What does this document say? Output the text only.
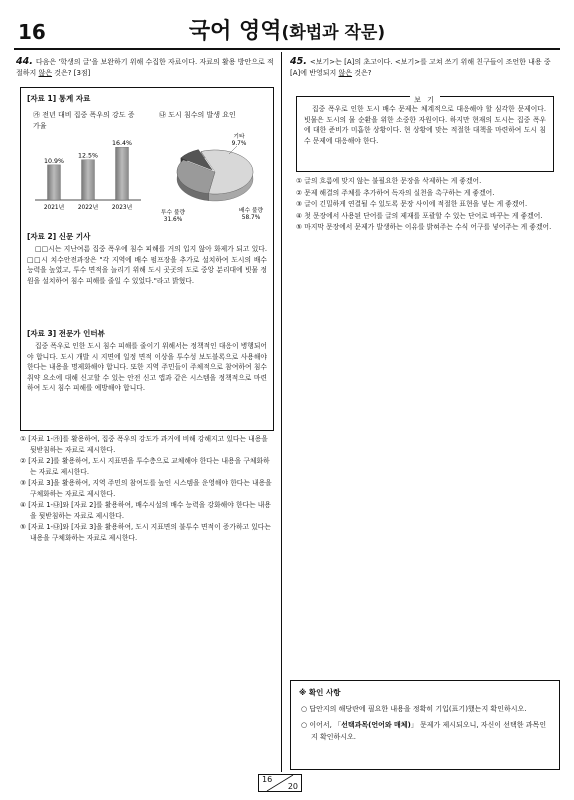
16	국어 영역(화법과 작문)
44. 다음은 '학생의 글'을 보완하기 위해 수집한 자료이다. 자료의 활용 방안으로 적절하지 않은 것은? [3점]
[자료 1] 통계 자료
㉮ 전년 대비 집중 폭우의 강도 증가율
㉯ 도시 침수의 발생 요인
10.9%
2021년
12.5%
2022년
16.4%
2023년	배수 불량
58.7%
투수 불량
31.6%
기타
9.7%
[자료 2] 신문 기사

□□시는 지난여름 집중 폭우에 침수 피해를 거의 입지 않아 화제가 되고 있다. □□시 치수안전과장은 "각 지역에 배수 펌프장을 추가로 설치하여 도시의 배수 능력을 높였고, 투수 면적을 늘리기 위해 도시 곳곳의 도로 중앙 분리대에 빗물 정원을 설치하여 침수 피해를 줄일 수 있었다."라고 밝혔다.

[자료 3] 전문가 인터뷰

집중 폭우로 인한 도시 침수 피해를 줄이기 위해서는 정책적인 대응이 병행되어야 합니다. 도시 개발 시 지면에 일정 면적 이상을 투수성 보도블록으로 사용해야 한다는 내용을 명제화해야 합니다. 또한 지역 주민들이 주체적으로 참여하여 침수 취약 요소에 대해 신고할 수 있는 안전 신고 앱과 같은 시스템을 정책적으로 마련하여 도시 침수 피해를 예방해야 합니다.

① [자료 1-㉮]를 활용하여, 집중 폭우의 강도가 과거에 비해 강해지고 있다는 내용을 뒷받침하는 자료로 제시한다.

② [자료 2]를 활용하여, 도시 지표면을 투수층으로 교체해야 한다는 내용을 구체화하는 자료로 제시한다.

③ [자료 3]을 활용하여, 지역 주민의 참여도를 높인 시스템을 운영해야 한다는 내용을 구체화하는 자료로 제시한다.

④ [자료 1-㉯]와 [자료 2]를 활용하여, 배수시설의 배수 능력을 강화해야 한다는 내용을 뒷받침하는 자료로 제시한다.

⑤ [자료 1-㉯]와 [자료 3]을 활용하여, 도시 지표면의 불투수 면적이 증가하고 있다는 내용을 구체화하는 자료로 제시한다.

45. <보기>는 [A]의 초고이다. <보기>를 고쳐 쓰기 위해 친구들이 조언한 내용 중 [A]에 반영되지 않은 것은?
보 기

집중 폭우로 인한 도시 배수 문제는 체계적으로 대응해야 할 심각한 문제이다. 빗물은 도시의 물 순환을 위한 소중한 자원이다. 하지만 현재의 도시는 집중 폭우에 대한 준비가 미흡한 상황이다. 현 상황에 맞는 적절한 대책을 마련하여 도시 침수 문제에 대응해야 한다.

① 글의 흐름에 맞지 않는 불필요한 문장을 삭제하는 게 좋겠어.

② 문제 해결의 주체를 추가하여 독자의 실천을 촉구하는 게 좋겠어.

③ 글이 긴밀하게 연결될 수 있도록 문장 사이에 적절한 표현을 넣는 게 좋겠어.

④ 첫 문장에서 사용된 단어를 글의 제재를 포괄할 수 있는 단어로 바꾸는 게 좋겠어.

⑤ 마지막 문장에서 문제가 발생하는 이유를 밝혀주는 수식 어구를 넣어주는 게 좋겠어.

※ 확인 사항

○ 답안지의 해당란에 필요한 내용을 정확히 기입(표기)했는지 확인하시오.

○ 이어서, 「선택과목(언어와 매체)」 문제가 제시되오니, 자신이 선택한 과목인지 확인하시오.

16
20
